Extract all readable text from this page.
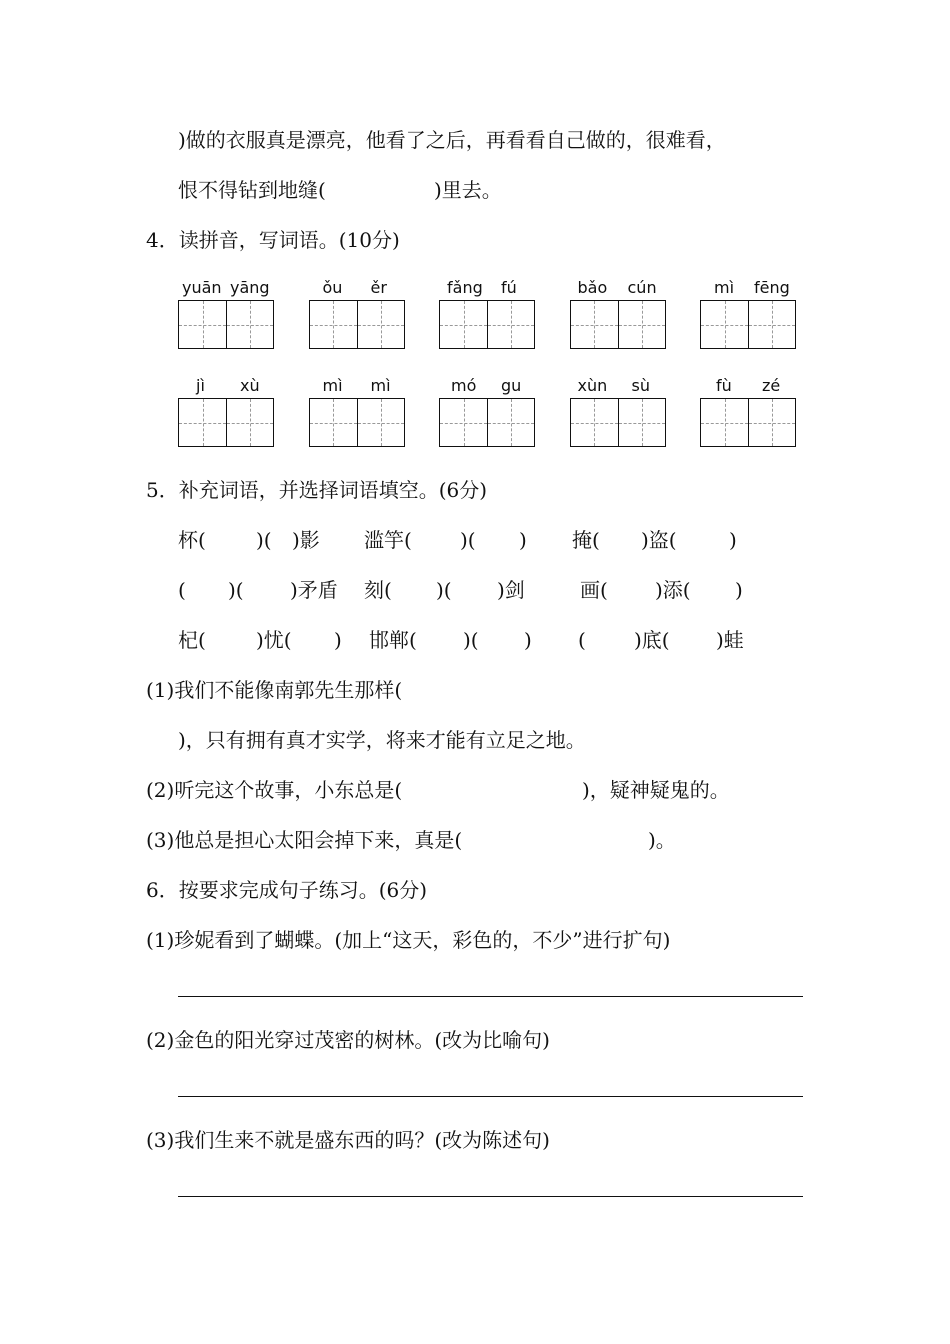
)做的衣服真是漂亮，他看了之后，再看看自己做的，很难看，
恨不得钻到地缝(	)里去。
4．读拼音，写词语。(10分)
yuān yāng	ǒu ěr	fǎng fú	bǎo cún	mì fēng
jì xù	mì mì	mó gu	xùn sù	fù zé
5．补充词语，并选择词语填空。(6分)
杯(	)( )影 滥竽( )( ) 掩( )盗(	)
( )( )矛盾 刻( )( )剑	画( )添( )
杞(	)忧( ) 邯郸( )( ) ( )底( )蛙
(1)我们不能像南郭先生那样(
)，只有拥有真才实学，将来才能有立足之地。
(2)听完这个故事，小东总是(	)，疑神疑鬼的。
(3)他总是担心太阳会掉下来，真是(	)。
6．按要求完成句子练习。(6分)
(1)珍妮看到了蝴蝶。(加上“这天，彩色的，不少”进行扩句)
(2)金色的阳光穿过茂密的树林。(改为比喻句)
(3)我们生来不就是盛东西的吗？(改为陈述句)
